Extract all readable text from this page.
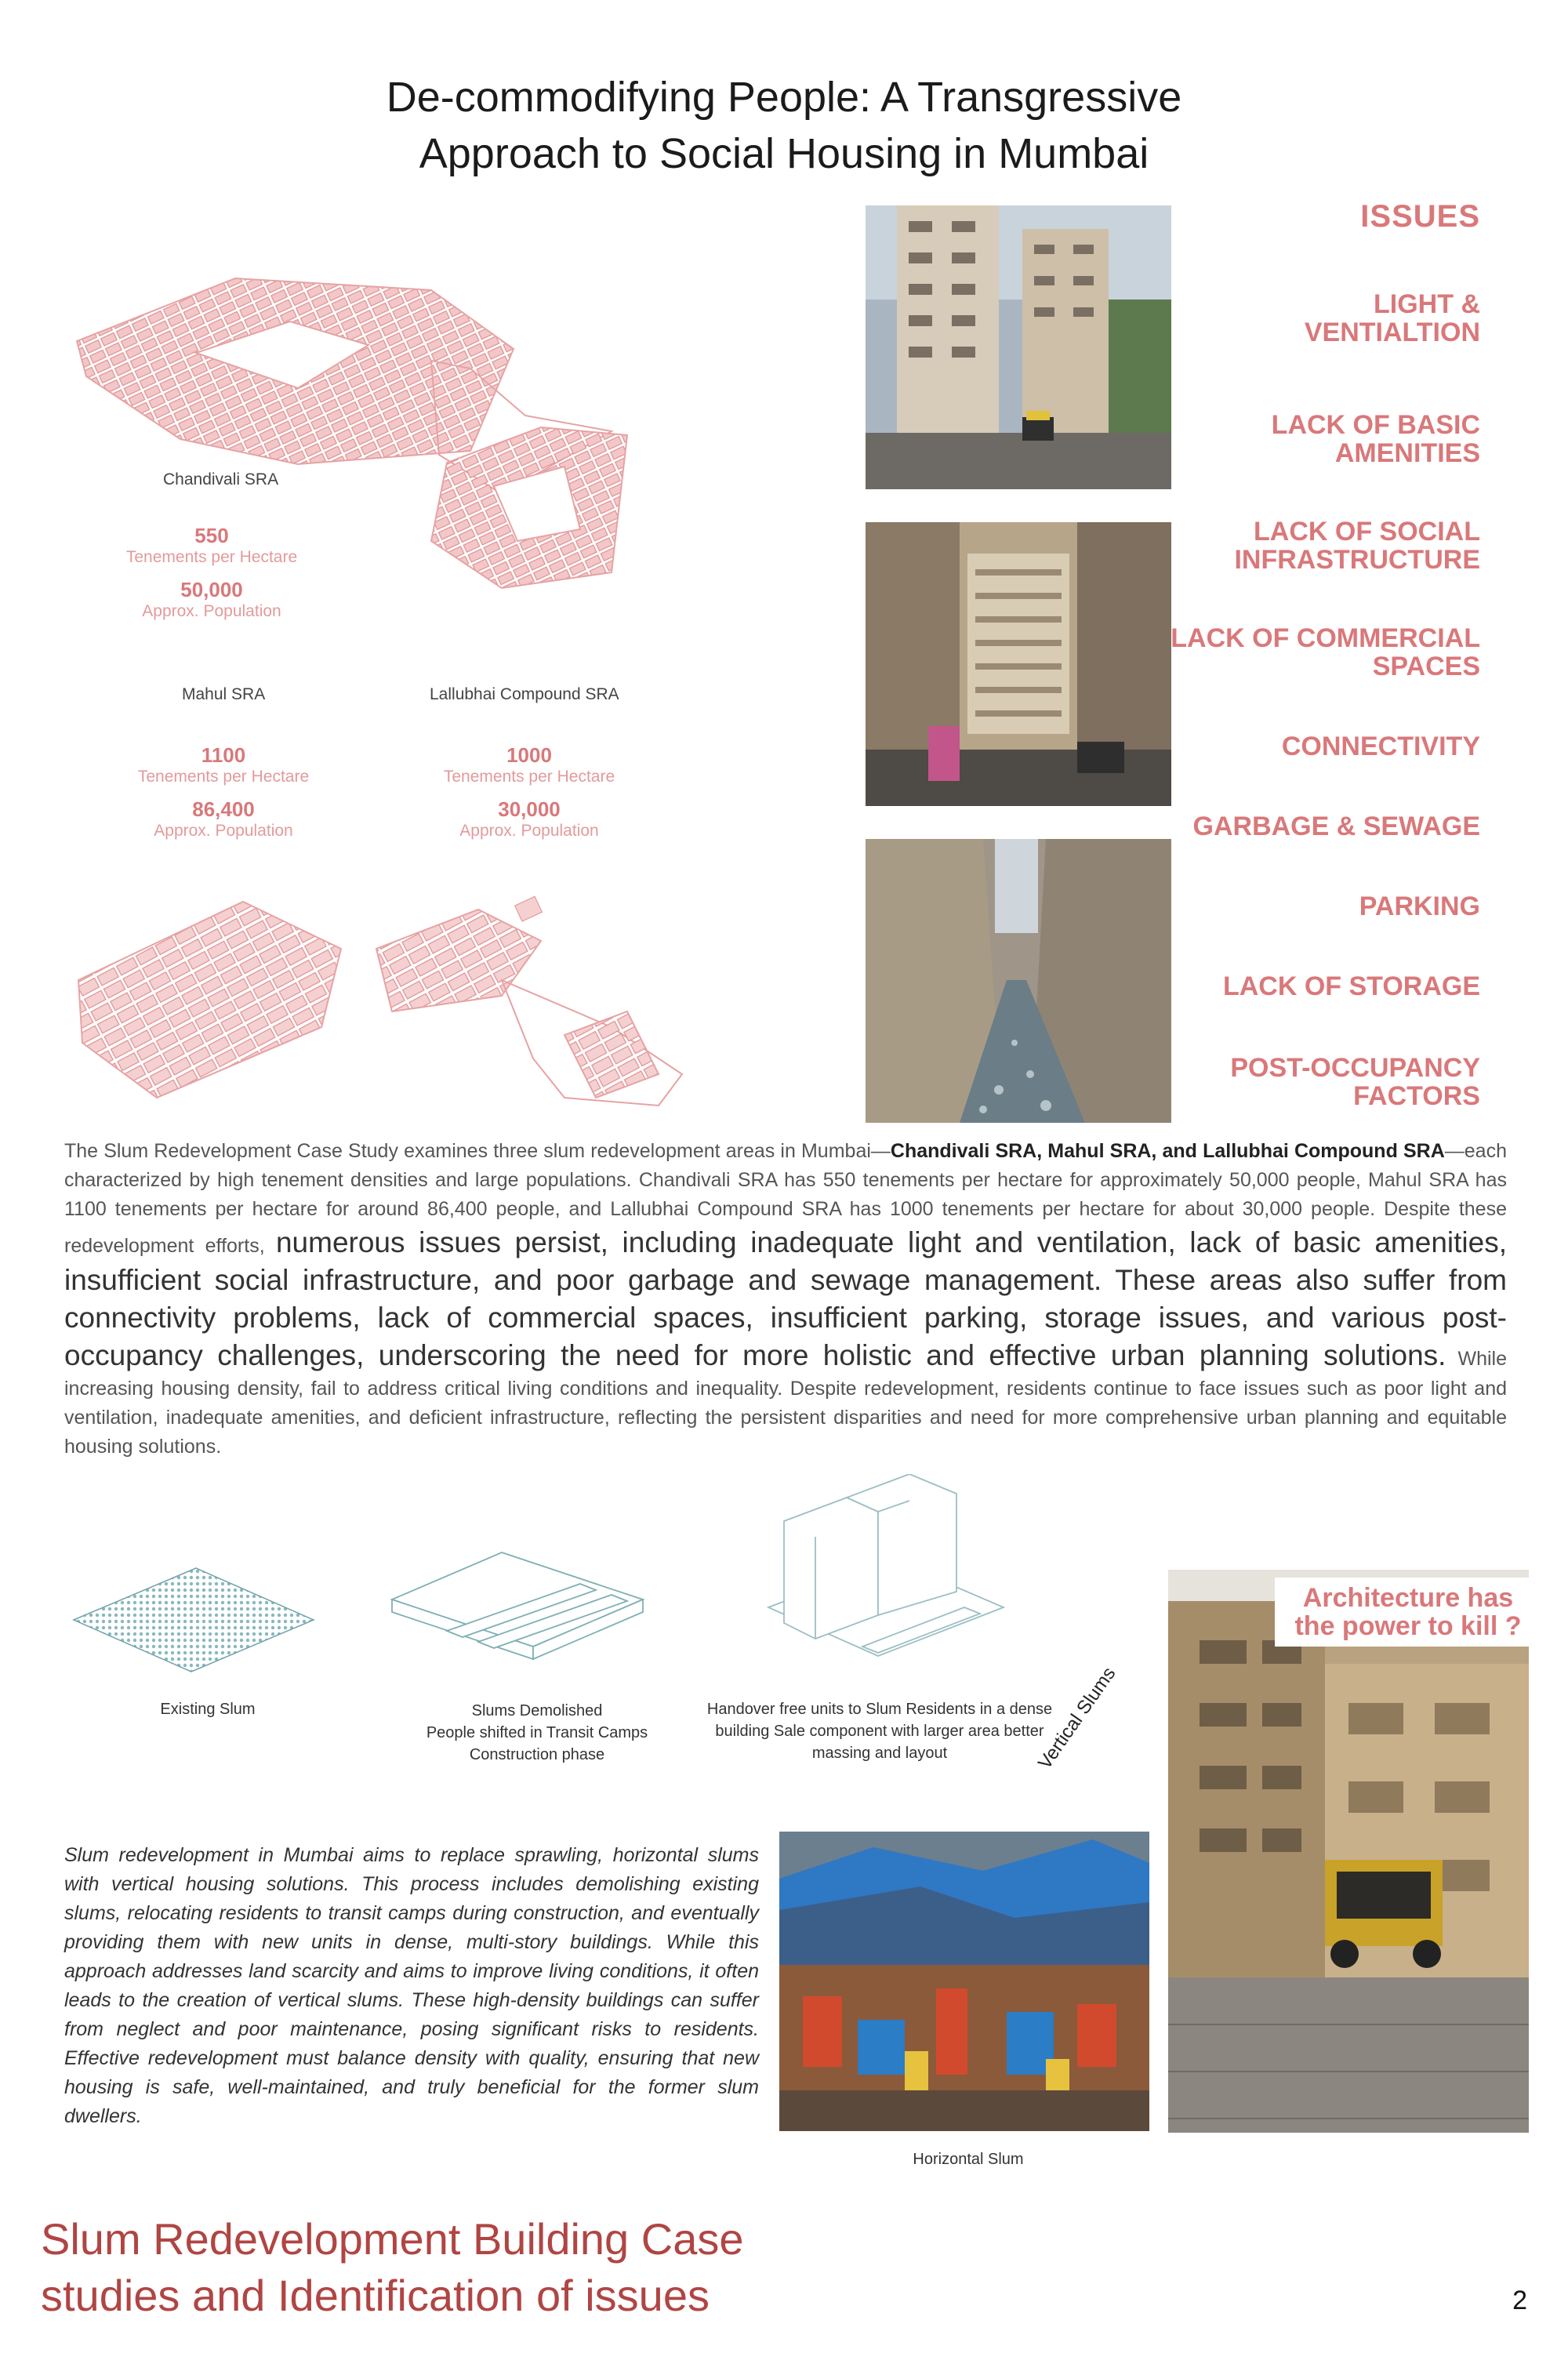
De-commodifying People: A Transgressive
Approach to Social Housing in Mumbai
Chandivali SRA
550
Tenements per Hectare
50,000
Approx. Population
Mahul SRA
1100
Tenements per Hectare
86,400
Approx. Population
Lallubhai Compound SRA
1000
Tenements per Hectare
30,000
Approx. Population
ISSUES
LIGHT &
VENTIALTION
LACK OF BASIC
AMENITIES
LACK OF SOCIAL
INFRASTRUCTURE
LACK OF COMMERCIAL
SPACES
CONNECTIVITY
GARBAGE & SEWAGE
PARKING
LACK OF STORAGE
POST-OCCUPANCY
FACTORS
The Slum Redevelopment Case Study examines three slum redevelopment areas in Mumbai—Chandivali SRA, Mahul SRA, and Lallubhai Compound SRA—each characterized by high tenement densities and large populations. Chandivali SRA has 550 tenements per hectare for approximately 50,000 people, Mahul SRA has 1100 tenements per hectare for around 86,400 people, and Lallubhai Compound SRA has 1000 tenements per hectare for about 30,000 people. Despite these redevelopment efforts, numerous issues persist, including inadequate light and ventilation, lack of basic amenities, insufficient social infrastructure, and poor garbage and sewage management. These areas also suffer from connectivity problems, lack of commercial spaces, insufficient parking, storage issues, and various post-occupancy challenges, underscoring the need for more holistic and effective urban planning solutions. While increasing housing density, fail to address critical living conditions and inequality. Despite redevelopment, residents continue to face issues such as poor light and ventilation, inadequate amenities, and deficient infrastructure, reflecting the persistent disparities and need for more comprehensive urban planning and equitable housing solutions.
Existing Slum	Slums Demolished
People shifted in Transit Camps
Construction phase
Handover free units to Slum Residents in a dense
building Sale component with larger area better
massing and layout	Vertical Slums
Architecture has
the power to kill ?
Horizontal Slum
Slum redevelopment in Mumbai aims to replace sprawling, horizontal slums with vertical housing solutions. This process includes demolishing existing slums, relocating residents to transit camps during construction, and eventually providing them with new units in dense, multi-story buildings. While this approach addresses land scarcity and aims to improve living conditions, it often leads to the creation of vertical slums. These high-density buildings can suffer from neglect and poor maintenance, posing significant risks to residents. Effective redevelopment must balance density with quality, ensuring that new housing is safe, well-maintained, and truly beneficial for the former slum dwellers.
Slum Redevelopment Building Case
studies and Identification of issues	2
